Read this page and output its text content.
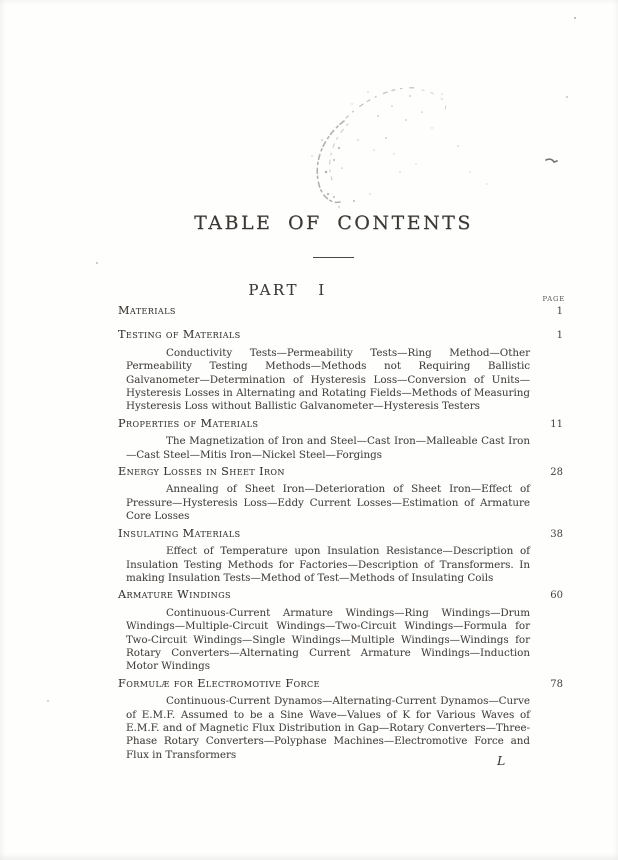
TABLE OF CONTENTS
PART I	PAGE
Materials	1
Testing of Materials	1
Conductivity Tests—Permeability Tests—Ring Method—Other Permeability Testing Methods—Methods not Requiring Ballistic Galvanometer—Determination of Hysteresis Loss—Conversion of Units—Hysteresis Losses in Alternating and Rotating Fields—Methods of Measuring Hysteresis Loss without Ballistic Galvanometer—Hysteresis Testers
Properties of Materials	11
The Magnetization of Iron and Steel—Cast Iron—Malleable Cast Iron—Cast Steel—Mitis Iron—Nickel Steel—Forgings
Energy Losses in Sheet Iron	28
Annealing of Sheet Iron—Deterioration of Sheet Iron—Effect of Pressure—Hysteresis Loss—Eddy Current Losses—Estimation of Armature Core Losses
Insulating Materials	38
Effect of Temperature upon Insulation Resistance—Description of Insulation Testing Methods for Factories—Description of Transformers. In making Insulation Tests—Method of Test—Methods of Insulating Coils
Armature Windings	60
Continuous-Current Armature Windings—Ring Windings—Drum Windings—Multiple-Circuit Windings—Two-Circuit Windings—Formula for Two-Circuit Windings—Single Windings—Multiple Windings—Windings for Rotary Converters—Alternating Current Armature Windings—Induction Motor Windings
Formulæ for Electromotive Force	78
Continuous-Current Dynamos—Alternating-Current Dynamos—Curve of E.M.F. Assumed to be a Sine Wave—Values of K for Various Waves of E.M.F. and of Magnetic Flux Distribution in Gap—Rotary Converters—Three-Phase Rotary Converters—Polyphase Machines—Electromotive Force and Flux in Transformers	L
